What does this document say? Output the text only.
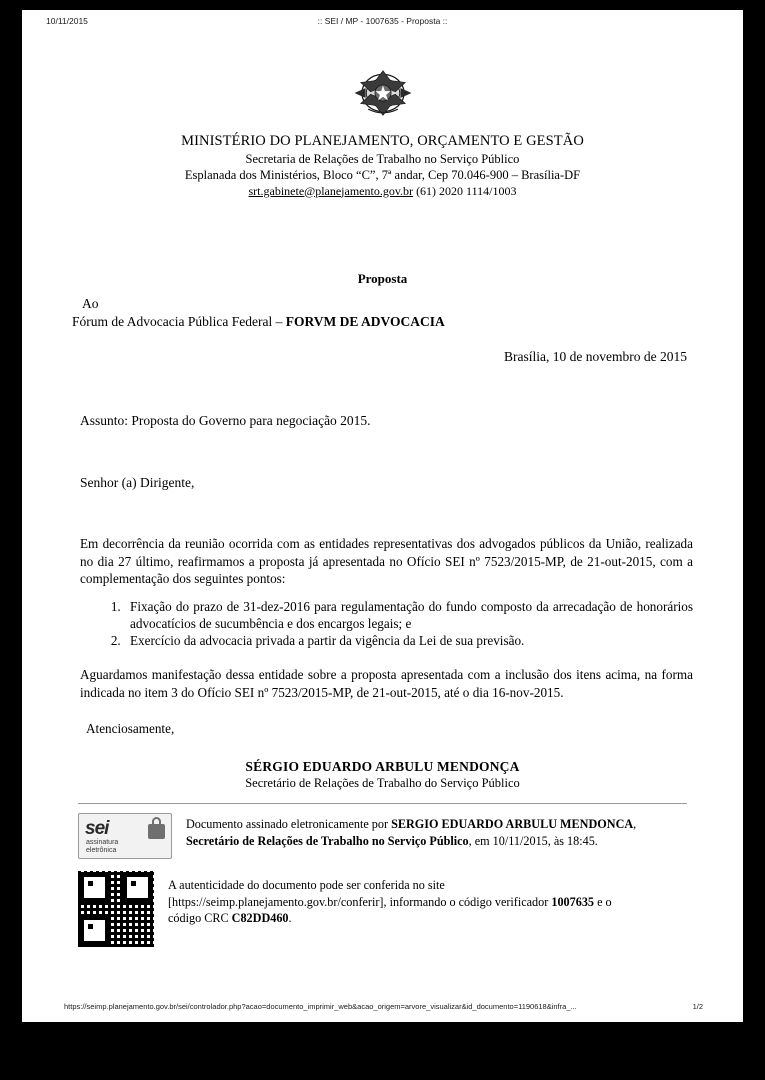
10/11/2015	:: SEI / MP - 1007635 - Proposta ::
MINISTÉRIO DO PLANEJAMENTO, ORÇAMENTO E GESTÃO
Secretaria de Relações de Trabalho no Serviço Público
Esplanada dos Ministérios, Bloco “C”, 7ª andar, Cep 70.046-900 – Brasília-DF
srt.gabinete@planejamento.gov.br (61) 2020 1114/1003
Proposta
Ao
Fórum de Advocacia Pública Federal – FORVM DE ADVOCACIA
Brasília, 10 de novembro de 2015
Assunto: Proposta do Governo para negociação 2015.
Senhor (a) Dirigente,
Em decorrência da reunião ocorrida com as entidades representativas dos advogados públicos da União, realizada no dia 27 último, reafirmamos a proposta já apresentada no Ofício SEI nº 7523/2015-MP, de 21-out-2015, com a complementação dos seguintes pontos:
1. Fixação do prazo de 31-dez-2016 para regulamentação do fundo composto da arrecadação de honorários advocatícios de sucumbência e dos encargos legais; e
2. Exercício da advocacia privada a partir da vigência da Lei de sua previsão.
Aguardamos manifestação dessa entidade sobre a proposta apresentada com a inclusão dos itens acima, na forma indicada no item 3 do Ofício SEI nº 7523/2015-MP, de 21-out-2015, até o dia 16-nov-2015.
Atenciosamente,
SÉRGIO EDUARDO ARBULU MENDONÇA
Secretário de Relações de Trabalho do Serviço Público
sei
assinatura
eletrônica
Documento assinado eletronicamente por SERGIO EDUARDO ARBULU MENDONCA, Secretário de Relações de Trabalho no Serviço Público, em 10/11/2015, às 18:45.
A autenticidade do documento pode ser conferida no site
[https://seimp.planejamento.gov.br/conferir], informando o código verificador 1007635 e o
código CRC C82DD460.
https://seimp.planejamento.gov.br/sei/controlador.php?acao=documento_imprimir_web&acao_origem=arvore_visualizar&id_documento=1190618&infra_...	1/2
